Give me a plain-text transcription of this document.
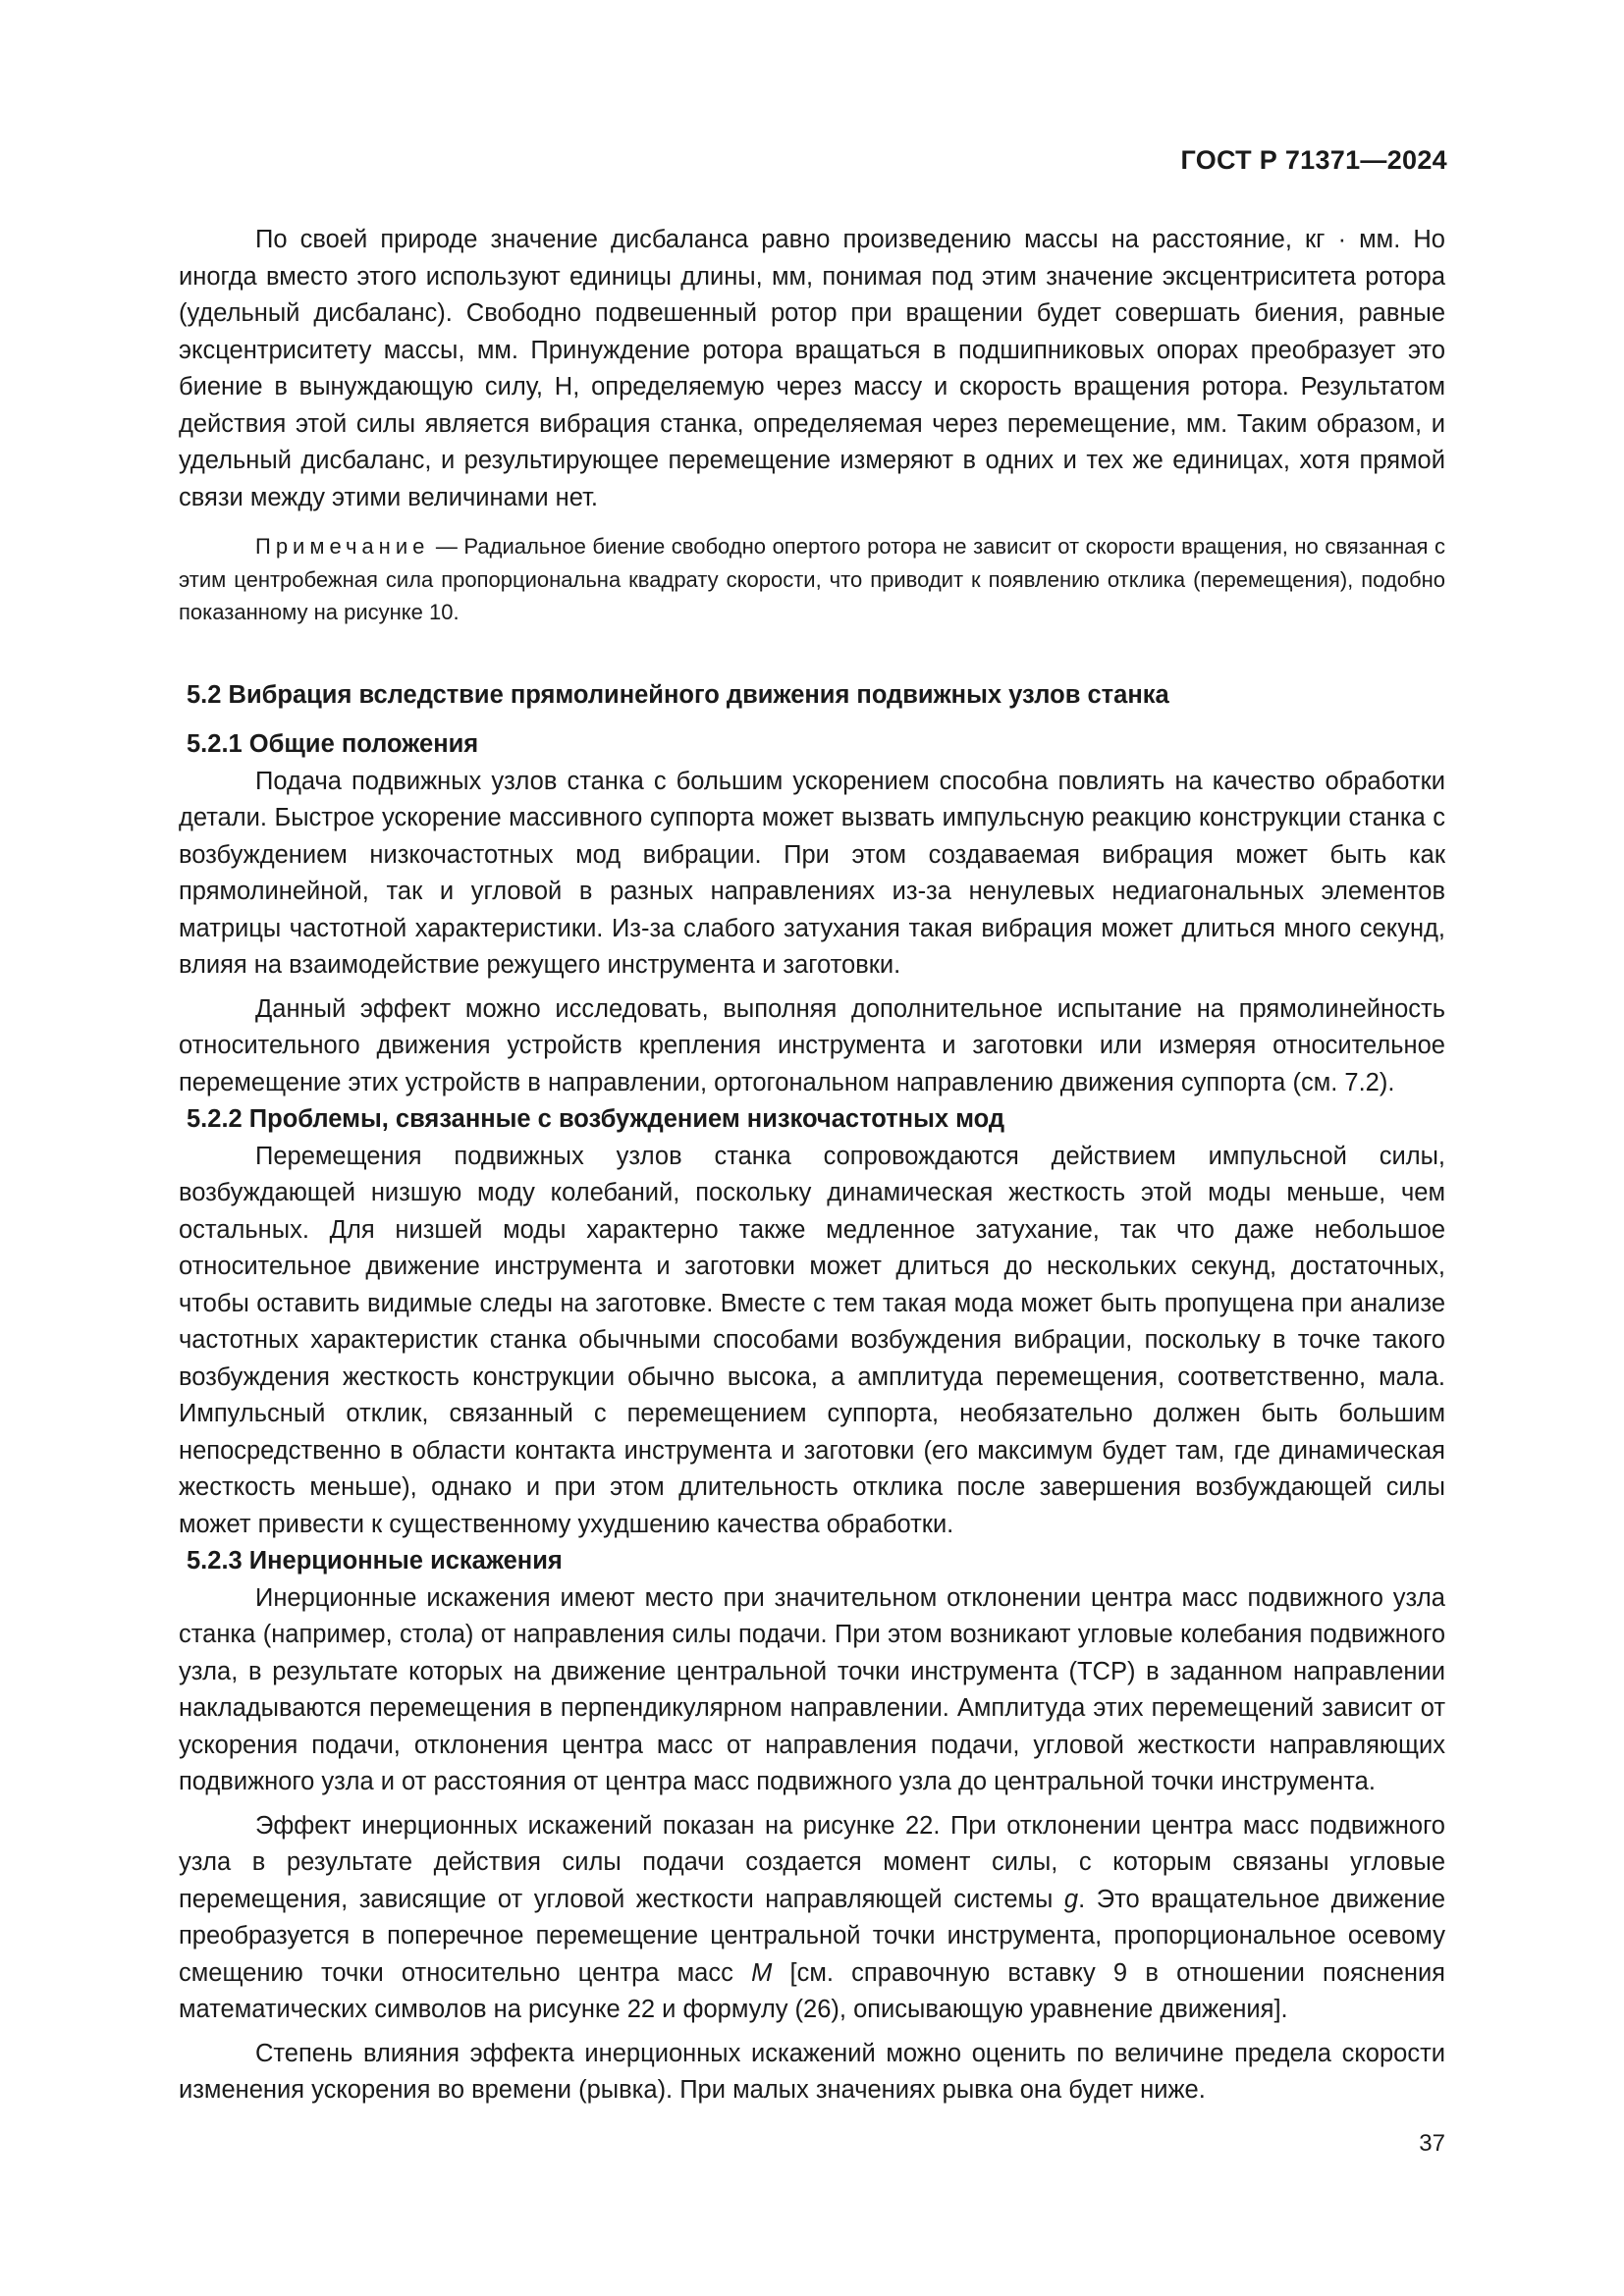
ГОСТ Р 71371—2024

По своей природе значение дисбаланса равно произведению массы на расстояние, кг · мм. Но иногда вместо этого используют единицы длины, мм, понимая под этим значение эксцентриситета ротора (удельный дисбаланс). Свободно подвешенный ротор при вращении будет совершать биения, равные эксцентриситету массы, мм. Принуждение ротора вращаться в подшипниковых опорах преобразует это биение в вынуждающую силу, Н, определяемую через массу и скорость вращения ротора. Результатом действия этой силы является вибрация станка, определяемая через перемещение, мм. Таким образом, и удельный дисбаланс, и результирующее перемещение измеряют в одних и тех же единицах, хотя прямой связи между этими величинами нет.

Примечание — Радиальное биение свободно опертого ротора не зависит от скорости вращения, но связанная с этим центробежная сила пропорциональна квадрату скорости, что приводит к появлению отклика (перемещения), подобно показанному на рисунке 10.

5.2 Вибрация вследствие прямолинейного движения подвижных узлов станка
5.2.1 Общие положения

Подача подвижных узлов станка с большим ускорением способна повлиять на качество обработки детали. Быстрое ускорение массивного суппорта может вызвать импульсную реакцию конструкции станка с возбуждением низкочастотных мод вибрации. При этом создаваемая вибрация может быть как прямолинейной, так и угловой в разных направлениях из-за ненулевых недиагональных элементов матрицы частотной характеристики. Из-за слабого затухания такая вибрация может длиться много секунд, влияя на взаимодействие режущего инструмента и заготовки.

Данный эффект можно исследовать, выполняя дополнительное испытание на прямолинейность относительного движения устройств крепления инструмента и заготовки или измеряя относительное перемещение этих устройств в направлении, ортогональном направлению движения суппорта (см. 7.2).

5.2.2 Проблемы, связанные с возбуждением низкочастотных мод

Перемещения подвижных узлов станка сопровождаются действием импульсной силы, возбуждающей низшую моду колебаний, поскольку динамическая жесткость этой моды меньше, чем остальных. Для низшей моды характерно также медленное затухание, так что даже небольшое относительное движение инструмента и заготовки может длиться до нескольких секунд, достаточных, чтобы оставить видимые следы на заготовке. Вместе с тем такая мода может быть пропущена при анализе частотных характеристик станка обычными способами возбуждения вибрации, поскольку в точке такого возбуждения жесткость конструкции обычно высока, а амплитуда перемещения, соответственно, мала. Импульсный отклик, связанный с перемещением суппорта, необязательно должен быть большим непосредственно в области контакта инструмента и заготовки (его максимум будет там, где динамическая жесткость меньше), однако и при этом длительность отклика после завершения возбуждающей силы может привести к существенному ухудшению качества обработки.

5.2.3 Инерционные искажения

Инерционные искажения имеют место при значительном отклонении центра масс подвижного узла станка (например, стола) от направления силы подачи. При этом возникают угловые колебания подвижного узла, в результате которых на движение центральной точки инструмента (TCP) в заданном направлении накладываются перемещения в перпендикулярном направлении. Амплитуда этих перемещений зависит от ускорения подачи, отклонения центра масс от направления подачи, угловой жесткости направляющих подвижного узла и от расстояния от центра масс подвижного узла до центральной точки инструмента.

Эффект инерционных искажений показан на рисунке 22. При отклонении центра масс подвижного узла в результате действия силы подачи создается момент силы, с которым связаны угловые перемещения, зависящие от угловой жесткости направляющей системы g. Это вращательное движение преобразуется в поперечное перемещение центральной точки инструмента, пропорциональное осевому смещению точки относительно центра масс M [см. справочную вставку 9 в отношении пояснения математических символов на рисунке 22 и формулу (26), описывающую уравнение движения].

Степень влияния эффекта инерционных искажений можно оценить по величине предела скорости изменения ускорения во времени (рывка). При малых значениях рывка она будет ниже.

37
